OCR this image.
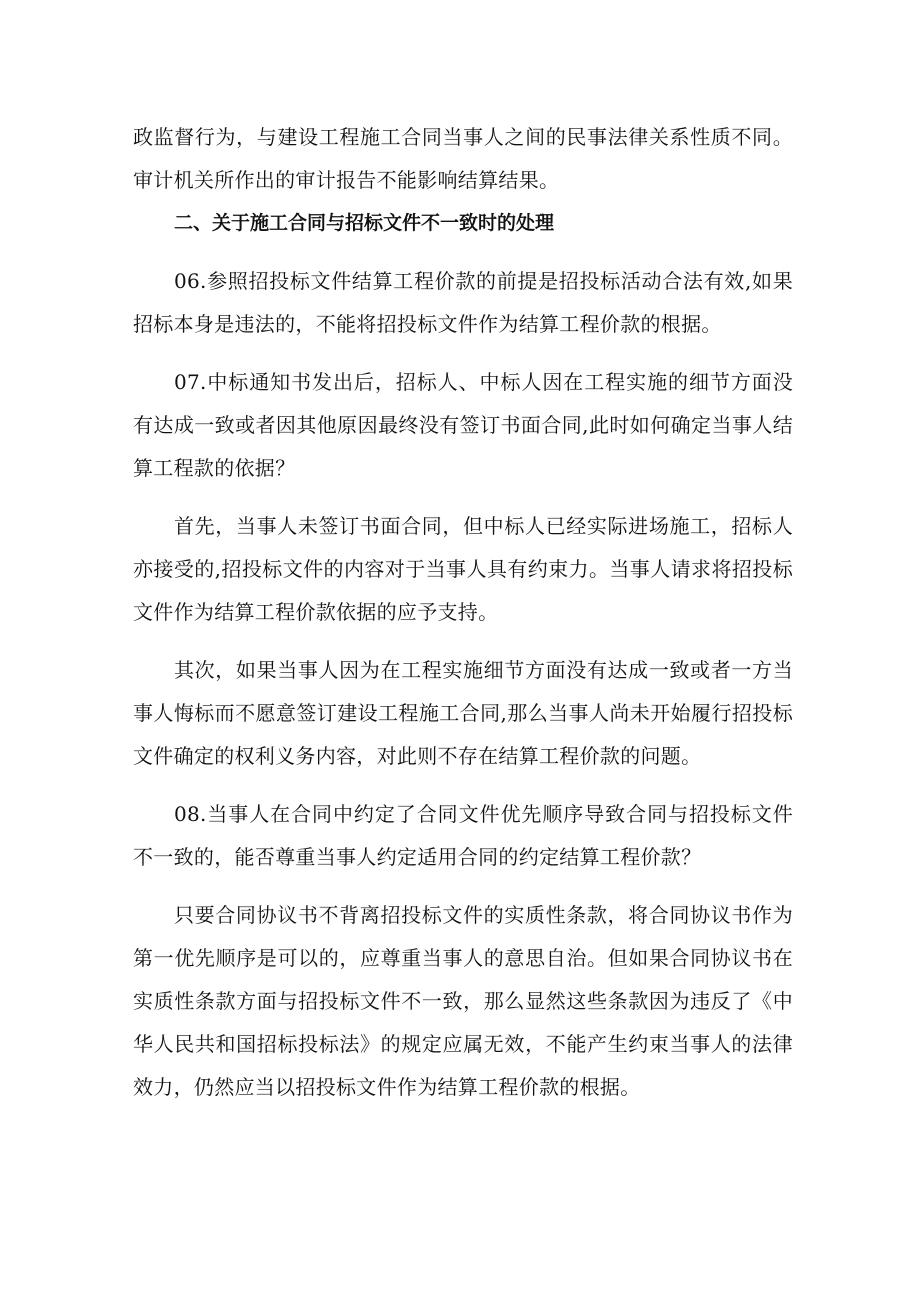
政监督行为，与建设工程施工合同当事人之间的民事法律关系性质不同。审计机关所作出的审计报告不能影响结算结果。

二、关于施工合同与招标文件不一致时的处理

06.参照招投标文件结算工程价款的前提是招投标活动合法有效,如果招标本身是违法的，不能将招投标文件作为结算工程价款的根据。

07.中标通知书发出后，招标人、中标人因在工程实施的细节方面没有达成一致或者因其他原因最终没有签订书面合同,此时如何确定当事人结算工程款的依据？

首先，当事人未签订书面合同，但中标人已经实际进场施工，招标人亦接受的,招投标文件的内容对于当事人具有约束力。当事人请求将招投标文件作为结算工程价款依据的应予支持。

其次，如果当事人因为在工程实施细节方面没有达成一致或者一方当事人悔标而不愿意签订建设工程施工合同,那么当事人尚未开始履行招投标文件确定的权利义务内容，对此则不存在结算工程价款的问题。

08.当事人在合同中约定了合同文件优先顺序导致合同与招投标文件不一致的，能否尊重当事人约定适用合同的约定结算工程价款？

只要合同协议书不背离招投标文件的实质性条款，将合同协议书作为第一优先顺序是可以的，应尊重当事人的意思自治。但如果合同协议书在实质性条款方面与招投标文件不一致，那么显然这些条款因为违反了《中华人民共和国招标投标法》的规定应属无效，不能产生约束当事人的法律效力，仍然应当以招投标文件作为结算工程价款的根据。
